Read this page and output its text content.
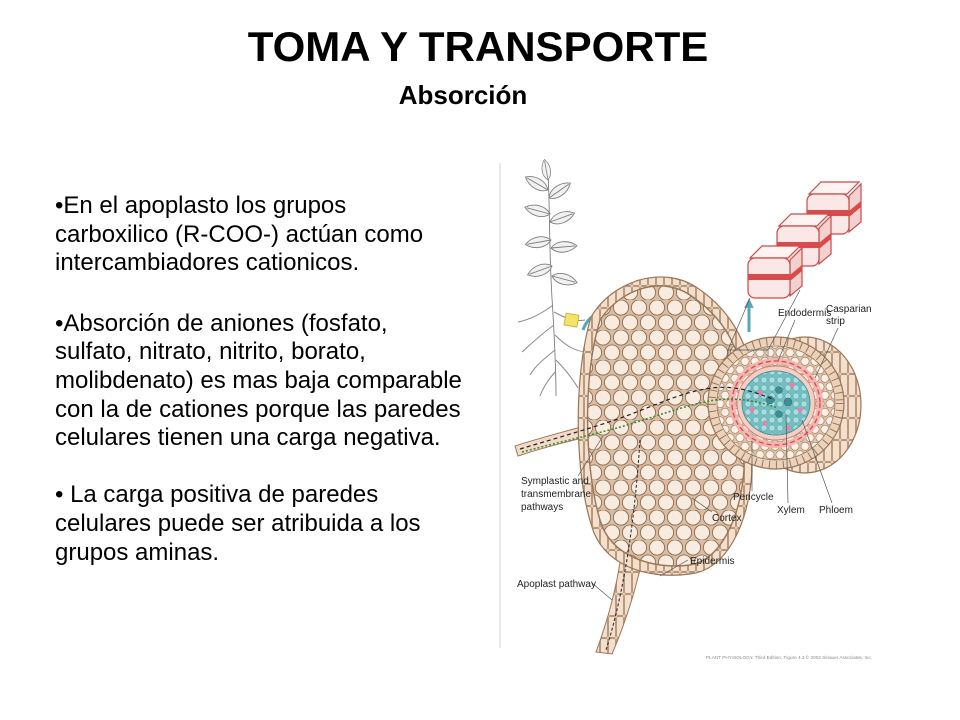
TOMA Y TRANSPORTE
Absorción
•En el apoplasto los grupos
carboxilico (R-COO-) actúan como
intercambiadores cationicos.
•Absorción de aniones (fosfato,
sulfato, nitrato, nitrito, borato,
molibdenato) es mas baja comparable
con la de cationes porque las paredes
celulares tienen una carga negativa.
• La carga positiva de paredes
celulares puede ser atribuida a los
grupos aminas.
Endodermis
Casparian
strip
Symplastic and
transmembrane
pathways
Pericycle
Xylem Phloem
Cortex
Epidermis
Apoplast pathway
PLANT PHYSIOLOGY, Third Edition, Figure 4.3 © 2002 Sinauer Associates, Inc.
